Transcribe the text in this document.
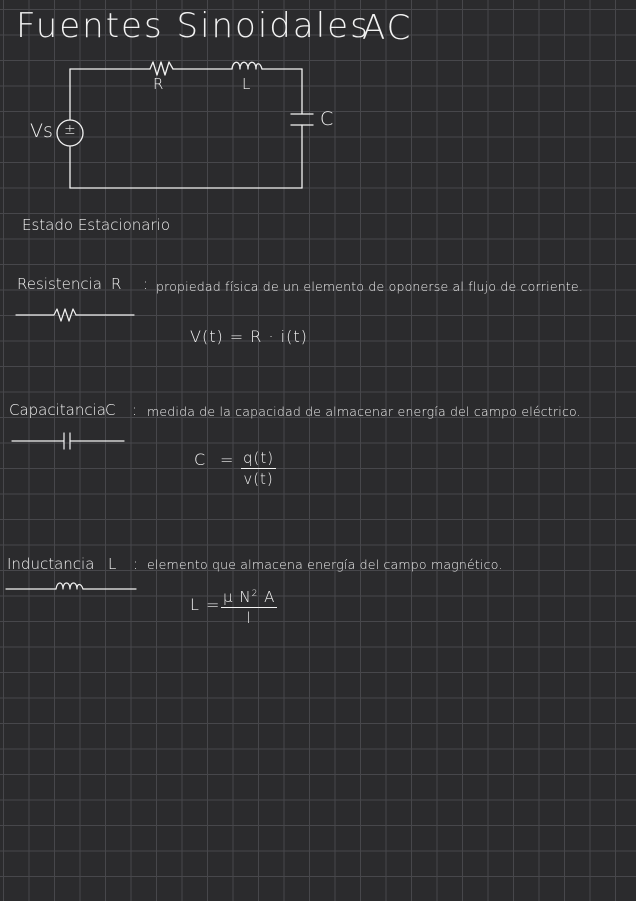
Fuentes Sinoidales
AC
±
Vs
R	L
C
Estado Estacionario
Resistencia R : propiedad física de un elemento de oponerse al flujo de corriente.
V(t) = R · i(t)
Capacitancia C : medida de la capacidad de almacenar energía del campo eléctrico.
$C = \frac{q(t)}{v(t)}$
Inductancia L : elemento que almacena energía del campo magnético.
$L = \frac{\mu N^2 A}{l}$
